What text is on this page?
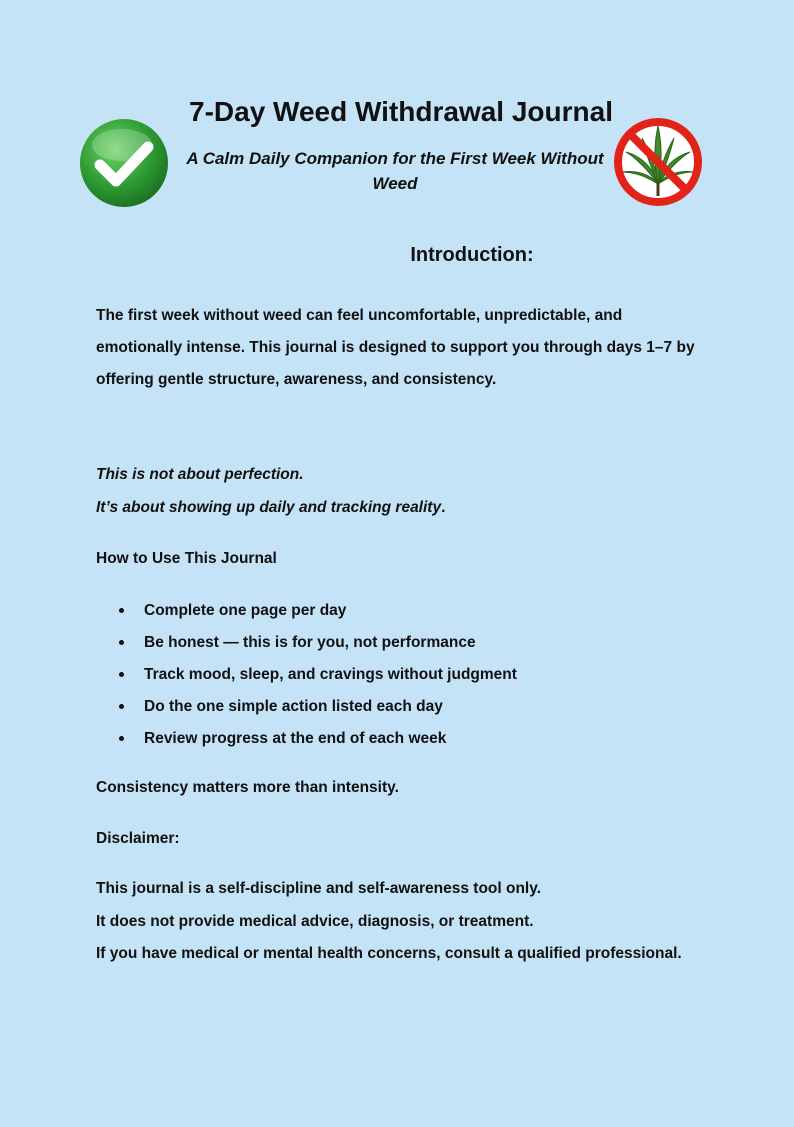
7-Day Weed Withdrawal Journal

A Calm Daily Companion for the First Week Without Weed

Introduction:

The first week without weed can feel uncomfortable, unpredictable, and
emotionally intense. This journal is designed to support you through days 1–7 by
offering gentle structure, awareness, and consistency.

This is not about perfection.

It’s about showing up daily and tracking reality.

How to Use This Journal

Complete one page per day
Be honest — this is for you, not performance
Track mood, sleep, and cravings without judgment
Do the one simple action listed each day
Review progress at the end of each week

Consistency matters more than intensity.

Disclaimer:

This journal is a self-discipline and self-awareness tool only.

It does not provide medical advice, diagnosis, or treatment.

If you have medical or mental health concerns, consult a qualified professional.
